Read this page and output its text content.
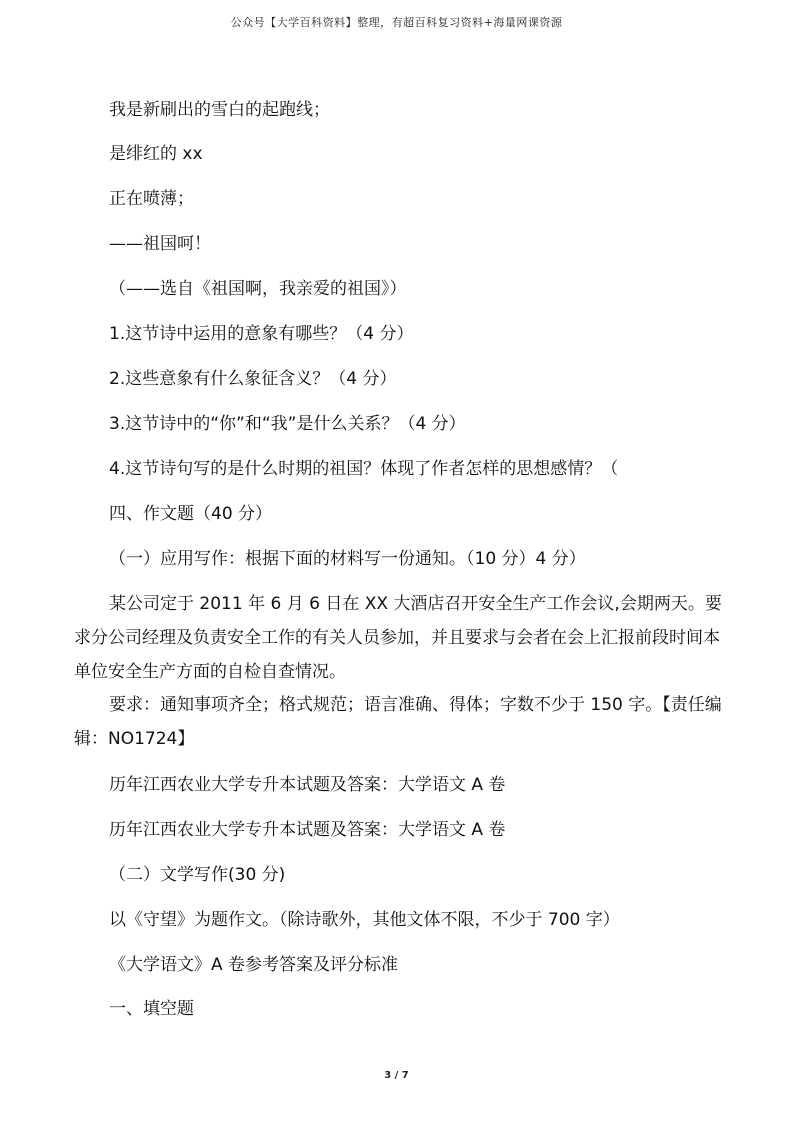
公众号【大学百科资料】整理，有超百科复习资料+海量网课资源
我是新刷出的雪白的起跑线；
是绯红的 xx
正在喷薄；
——祖国呵！
（——选自《祖国啊，我亲爱的祖国》）
1.这节诗中运用的意象有哪些？（4 分）
2.这些意象有什么象征含义？（4 分）
3.这节诗中的“你”和“我”是什么关系？（4 分）
4.这节诗句写的是什么时期的祖国？体现了作者怎样的思想感情？（
四、作文题（40 分）
（一）应用写作：根据下面的材料写一份通知。（10 分）4 分）
某公司定于 2011 年 6 月 6 日在 XX 大酒店召开安全生产工作会议,会期两天。要求分公司经理及负责安全工作的有关人员参加，并且要求与会者在会上汇报前段时间本单位安全生产方面的自检自查情况。
要求：通知事项齐全；格式规范；语言准确、得体；字数不少于 150 字。【责任编辑：NO1724】
历年江西农业大学专升本试题及答案：大学语文 A 卷
历年江西农业大学专升本试题及答案：大学语文 A 卷
（二）文学写作(30 分)
以《守望》为题作文。（除诗歌外，其他文体不限，不少于 700 字）
《大学语文》A 卷参考答案及评分标准
一、填空题
3 / 7
